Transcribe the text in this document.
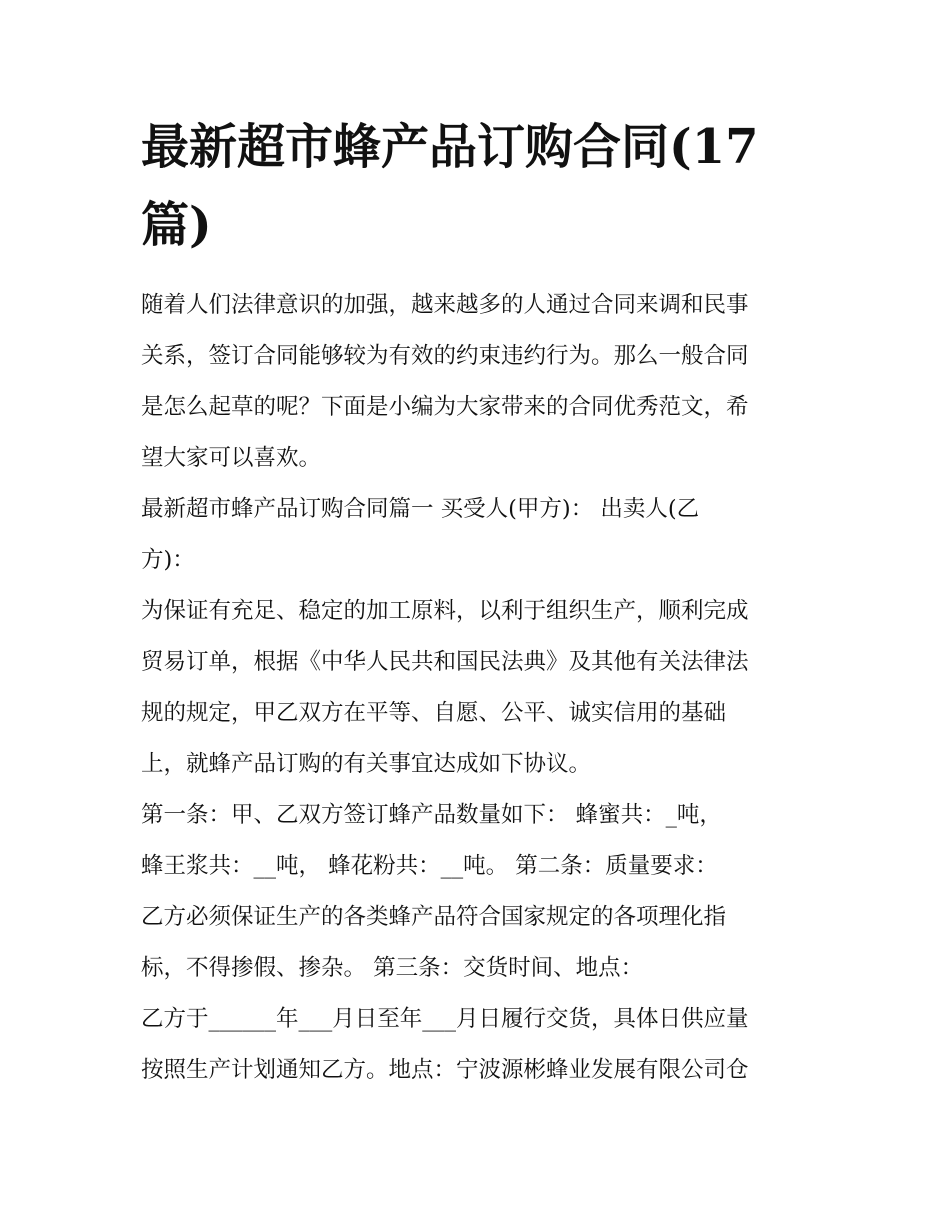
最新超市蜂产品订购合同(17
篇)
随着人们法律意识的加强，越来越多的人通过合同来调和民事
关系，签订合同能够较为有效的约束违约行为。那么一般合同
是怎么起草的呢？下面是小编为大家带来的合同优秀范文，希
望大家可以喜欢。
最新超市蜂产品订购合同篇一 买受人(甲方)： 出卖人(乙
方)：
为保证有充足、稳定的加工原料，以利于组织生产，顺利完成
贸易订单，根据《中华人民共和国民法典》及其他有关法律法
规的规定，甲乙双方在平等、自愿、公平、诚实信用的基础
上，就蜂产品订购的有关事宜达成如下协议。
第一条：甲、乙双方签订蜂产品数量如下： 蜂蜜共：_吨，
蜂王浆共：__吨， 蜂花粉共：__吨。 第二条：质量要求：
乙方必须保证生产的各类蜂产品符合国家规定的各项理化指
标，不得掺假、掺杂。 第三条：交货时间、地点：
乙方于______年___月日至年___月日履行交货，具体日供应量
按照生产计划通知乙方。地点：宁波源彬蜂业发展有限公司仓
